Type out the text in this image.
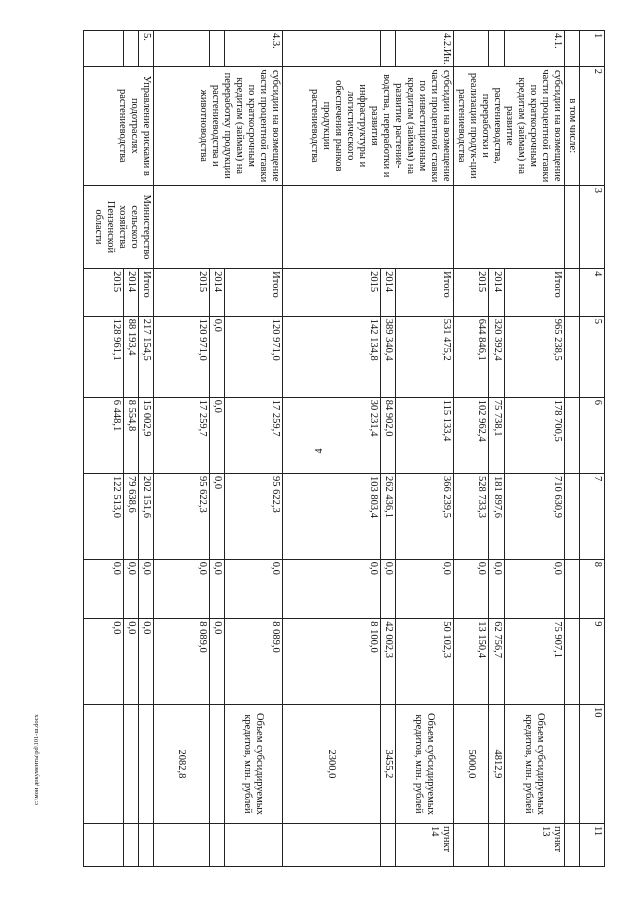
4
1	2	3	4	5	6	7	8	9	10	11
	в том числе:									
4.1.	субсидии на возмещение части процентной ставки по краткосрочным кредитам (займам) на развитие растениеводства, переработки и реализации продук-ции растениеводства		Итого	965 238,5	178 700,5	710 630,9	0,0	75 907,1	Объем субсидируемых кредитов, млн. рублей	пункт 13
			2014	320 392,4	75 738,1	181 897,6	0,0	62 756,7	4812,9	
			2015	644 846,1	102 962,4	528 733,3	0,0	13 150,4	5000,0	
4.2.Ин.	субсидии на возмещение части процентной ставки по инвестиционным кредитам (займам) на развитие растение-водства, переработки и развития инфраструктуры и логистического обеспечения рынков продукции растениеводства		Итого	531 475,2	115 133,4	366 239,5	0,0	50 102,3	Объем субсидируемых кредитов, млн. рублей	пункт 14
			2014	389 340,4	84 902,0	262 436,1	0,0	42 002,3	3455,2	
			2015	142 134,8	30 231,4	103 803,4	0,0	8 100,0	2300,0	
4.3.	субсидии на возмещение части процентной ставки по краткосрочным кредитам (займам) на переработку продукции растениеводства и животноводства		Итого	120 971,0	17 259,7	95 622,3	0,0	8 089,0	Объем субсидируемых кредитов, млн. рублей	
			2014	0,0	0,0	0,0	0,0	0,0		
			2015	120 971,0	17 259,7	95 622,3	0,0	8 089,0	2082,8	
5.	Управление рисками в подотраслях растениеводства	Министерство сельского хозяйства Пензенской области	Итого	217 154,5	15 002,9	202 151,6	0,0	0,0		
			2014	88 193,4	8 554,8	79 638,6	0,0	0,0		
			2015	128 961,1	6 448,1	122 513,0	0,0	0,0		
c:\мои документы\pd\101-ш.docx
